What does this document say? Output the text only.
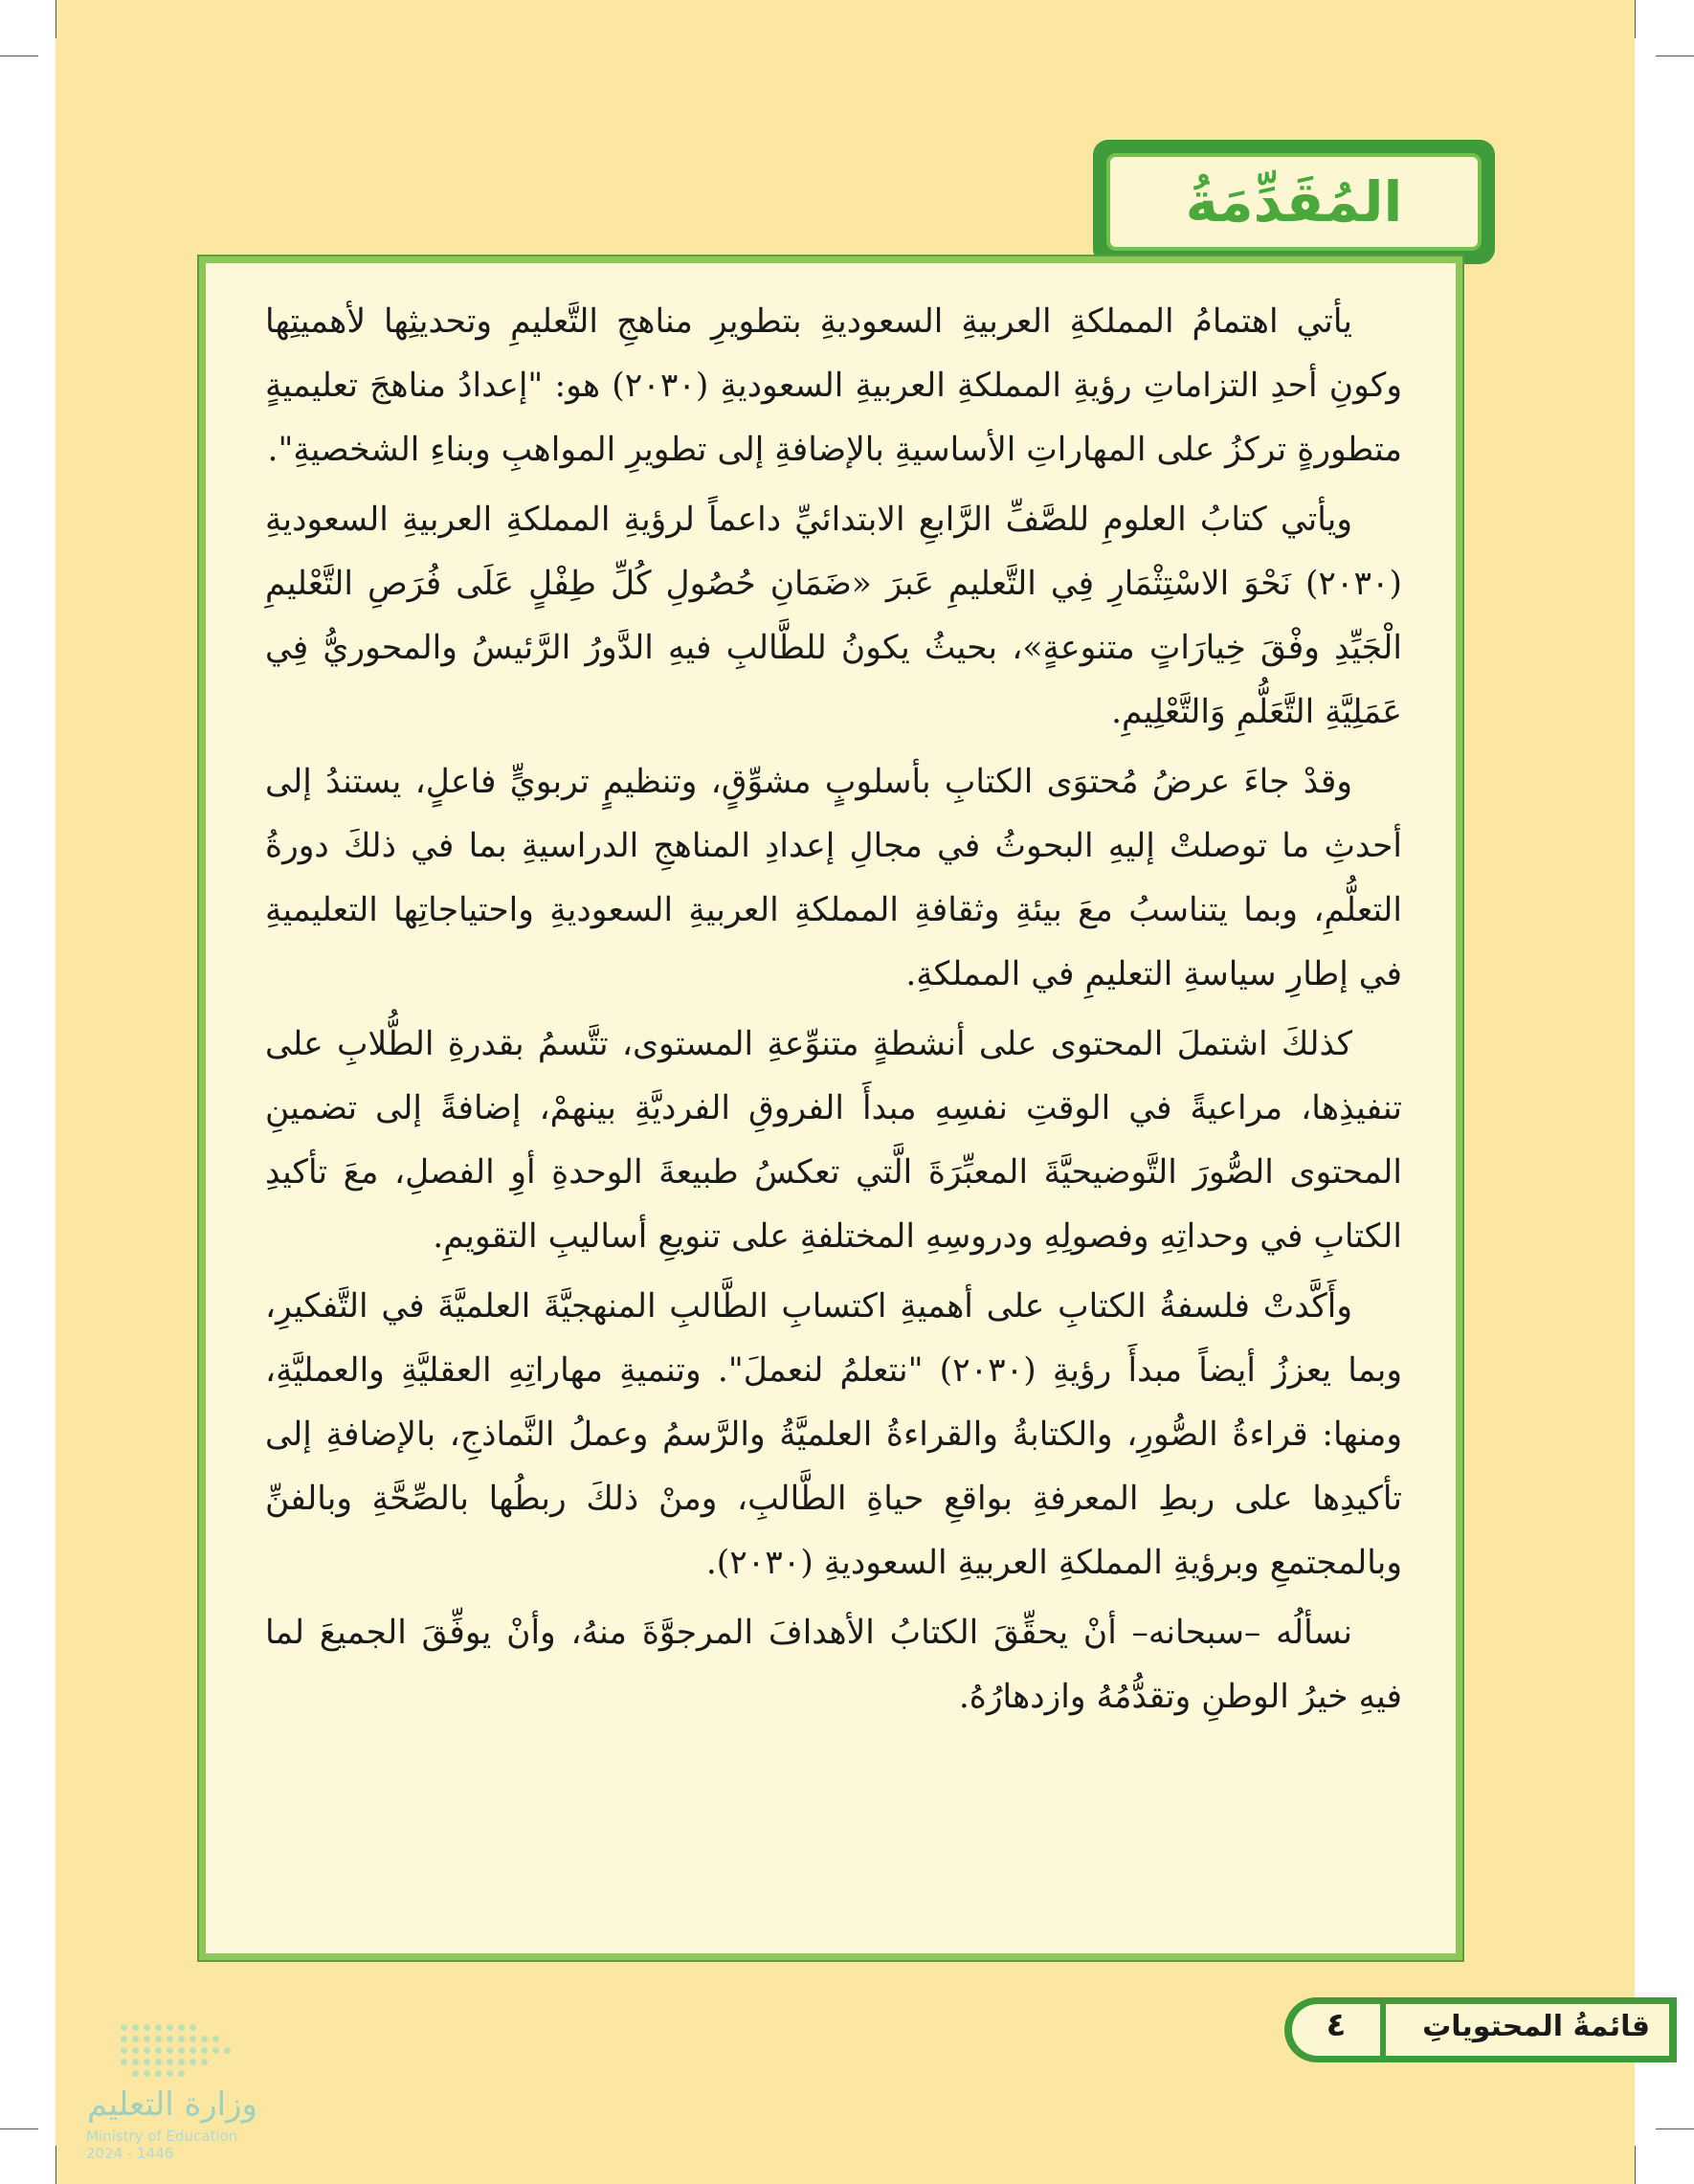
المُقَدِّمَةُ

يأتي اهتمامُ المملكةِ العربيةِ السعوديةِ بتطويرِ مناهجِ التَّعليمِ وتحديثِها لأهميتِها وكونِ أحدِ التزاماتِ رؤيةِ المملكةِ العربيةِ السعوديةِ (٢٠٣٠) هو: "إعدادُ مناهجَ تعليميةٍ متطورةٍ تركزُ على المهاراتِ الأساسيةِ بالإضافةِ إلى تطويرِ المواهبِ وبناءِ الشخصيةِ".

ويأتي كتابُ العلومِ للصَّفِّ الرَّابعِ الابتدائيِّ داعماً لرؤيةِ المملكةِ العربيةِ السعوديةِ (٢٠٣٠) نَحْوَ الاسْتِثْمَارِ فِي التَّعليمِ عَبرَ «ضَمَانِ حُصُولِ كُلِّ طِفْلٍ عَلَى فُرَصِ التَّعْليمِ الْجَيِّدِ وفْقَ خِيارَاتٍ متنوعةٍ»، بحيثُ يكونُ للطَّالبِ فيهِ الدَّورُ الرَّئيسُ والمحوريُّ فِي عَمَلِيَّةِ التَّعَلُّمِ وَالتَّعْلِيمِ.

وقدْ جاءَ عرضُ مُحتوَى الكتابِ بأسلوبٍ مشوِّقٍ، وتنظيمٍ تربويٍّ فاعلٍ، يستندُ إلى أحدثِ ما توصلتْ إليهِ البحوثُ في مجالِ إعدادِ المناهجِ الدراسيةِ بما في ذلكَ دورةُ التعلُّمِ، وبما يتناسبُ معَ بيئةِ وثقافةِ المملكةِ العربيةِ السعوديةِ واحتياجاتِها التعليميةِ في إطارِ سياسةِ التعليمِ في المملكةِ.

كذلكَ اشتملَ المحتوى على أنشطةٍ متنوِّعةِ المستوى، تتَّسمُ بقدرةِ الطُّلابِ على تنفيذِها، مراعيةً في الوقتِ نفسِهِ مبدأَ الفروقِ الفرديَّةِ بينهمْ، إضافةً إلى تضمينِ المحتوى الصُّورَ التَّوضيحيَّةَ المعبِّرَةَ الَّتي تعكسُ طبيعةَ الوحدةِ أوِ الفصلِ، معَ تأكيدِ الكتابِ في وحداتِهِ وفصولِهِ ودروسِهِ المختلفةِ على تنويعِ أساليبِ التقويمِ.

وأَكَّدتْ فلسفةُ الكتابِ على أهميةِ اكتسابِ الطَّالبِ المنهجيَّةَ العلميَّةَ في التَّفكيرِ، وبما يعززُ أيضاً مبدأَ رؤيةِ (٢٠٣٠) "نتعلمُ لنعملَ". وتنميةِ مهاراتِهِ العقليَّةِ والعمليَّةِ، ومنها: قراءةُ الصُّورِ، والكتابةُ والقراءةُ العلميَّةُ والرَّسمُ وعملُ النَّماذجِ، بالإضافةِ إلى تأكيدِها على ربطِ المعرفةِ بواقعِ حياةِ الطَّالبِ، ومنْ ذلكَ ربطُها بالصِّحَّةِ وبالفنِّ وبالمجتمعِ وبرؤيةِ المملكةِ العربيةِ السعوديةِ (٢٠٣٠).

نسألُه –سبحانه– أنْ يحقِّقَ الكتابُ الأهدافَ المرجوَّةَ منهُ، وأنْ يوفِّقَ الجميعَ لما فيهِ خيرُ الوطنِ وتقدُّمُهُ وازدهارُهُ.

وزارة التعليم
Ministry of Education
2024 - 1446
قائمةُ المحتوياتِ
٤
